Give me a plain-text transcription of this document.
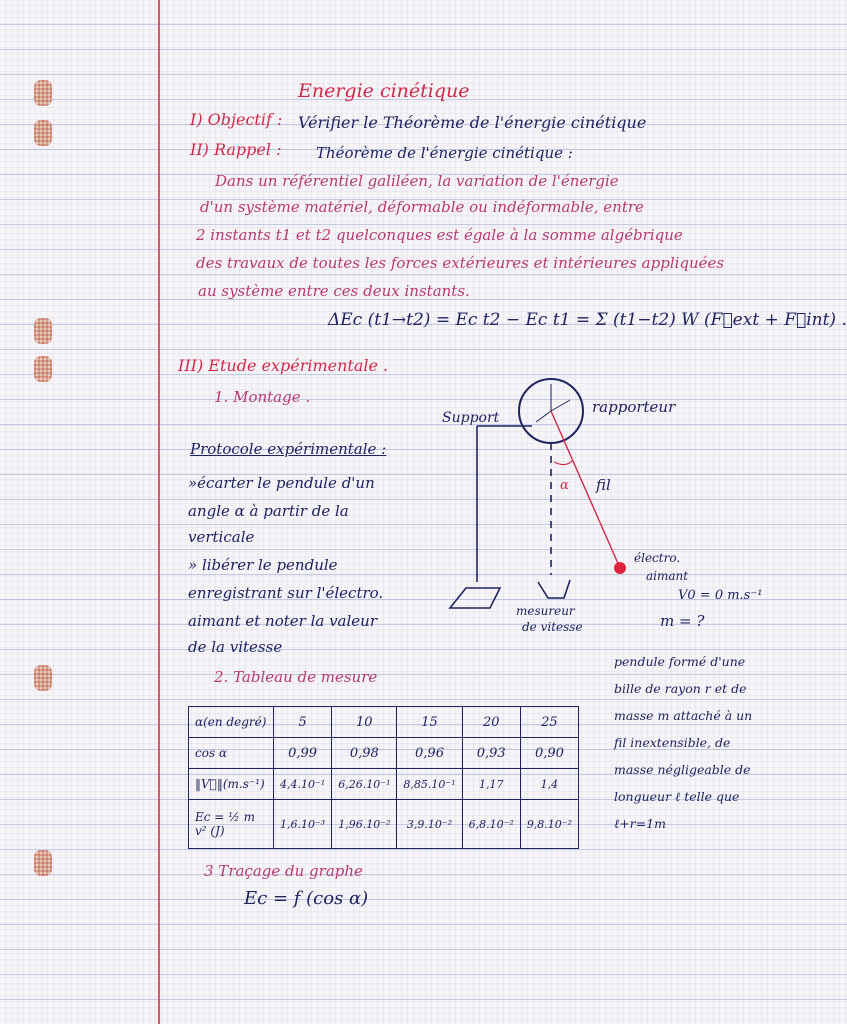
Energie cinétique
I) Objectif : Vérifier le Théorème de l'énergie cinétique
II) Rappel : Théorème de l'énergie cinétique :
Dans un référentiel galiléen, la variation de l'énergie
d'un système matériel, déformable ou indéformable, entre
2 instants t1 et t2 quelconques est égale à la somme algébrique
des travaux de toutes les forces extérieures et intérieures appliquées
au système entre ces deux instants.
ΔEc (t1→t2) = Ec t2 − Ec t1 = Σ (t1−t2) W (F⃗ext + F⃗int) .
III) Etude expérimentale .
1. Montage .
Support
rapporteur
fil
α
électro.
aimant
V0 = 0 m.s⁻¹
m = ?
mesureur
de vitesse
Protocole expérimentale :
»écarter le pendule d'un
angle α à partir de la
verticale
» libérer le pendule
enregistrant sur l'électro.
aimant et noter la valeur
de la vitesse
2. Tableau de mesure
α(en degré)	5	10	15	20	25
cos α	0,99	0,98	0,96	0,93	0,90
‖V⃗‖(m.s⁻¹)	4,4.10⁻¹	6,26.10⁻¹	8,85.10⁻¹	1,17	1,4
Ec = ½ m v² (J)	1,6.10⁻³	1,96.10⁻²	3,9.10⁻²	6,8.10⁻²	9,8.10⁻²
3 Traçage du graphe
Ec = f (cos α)
pendule formé d'une bille de rayon r et de masse m attaché à un fil inextensible, de masse négligeable de longueur ℓ telle que ℓ+r=1m
